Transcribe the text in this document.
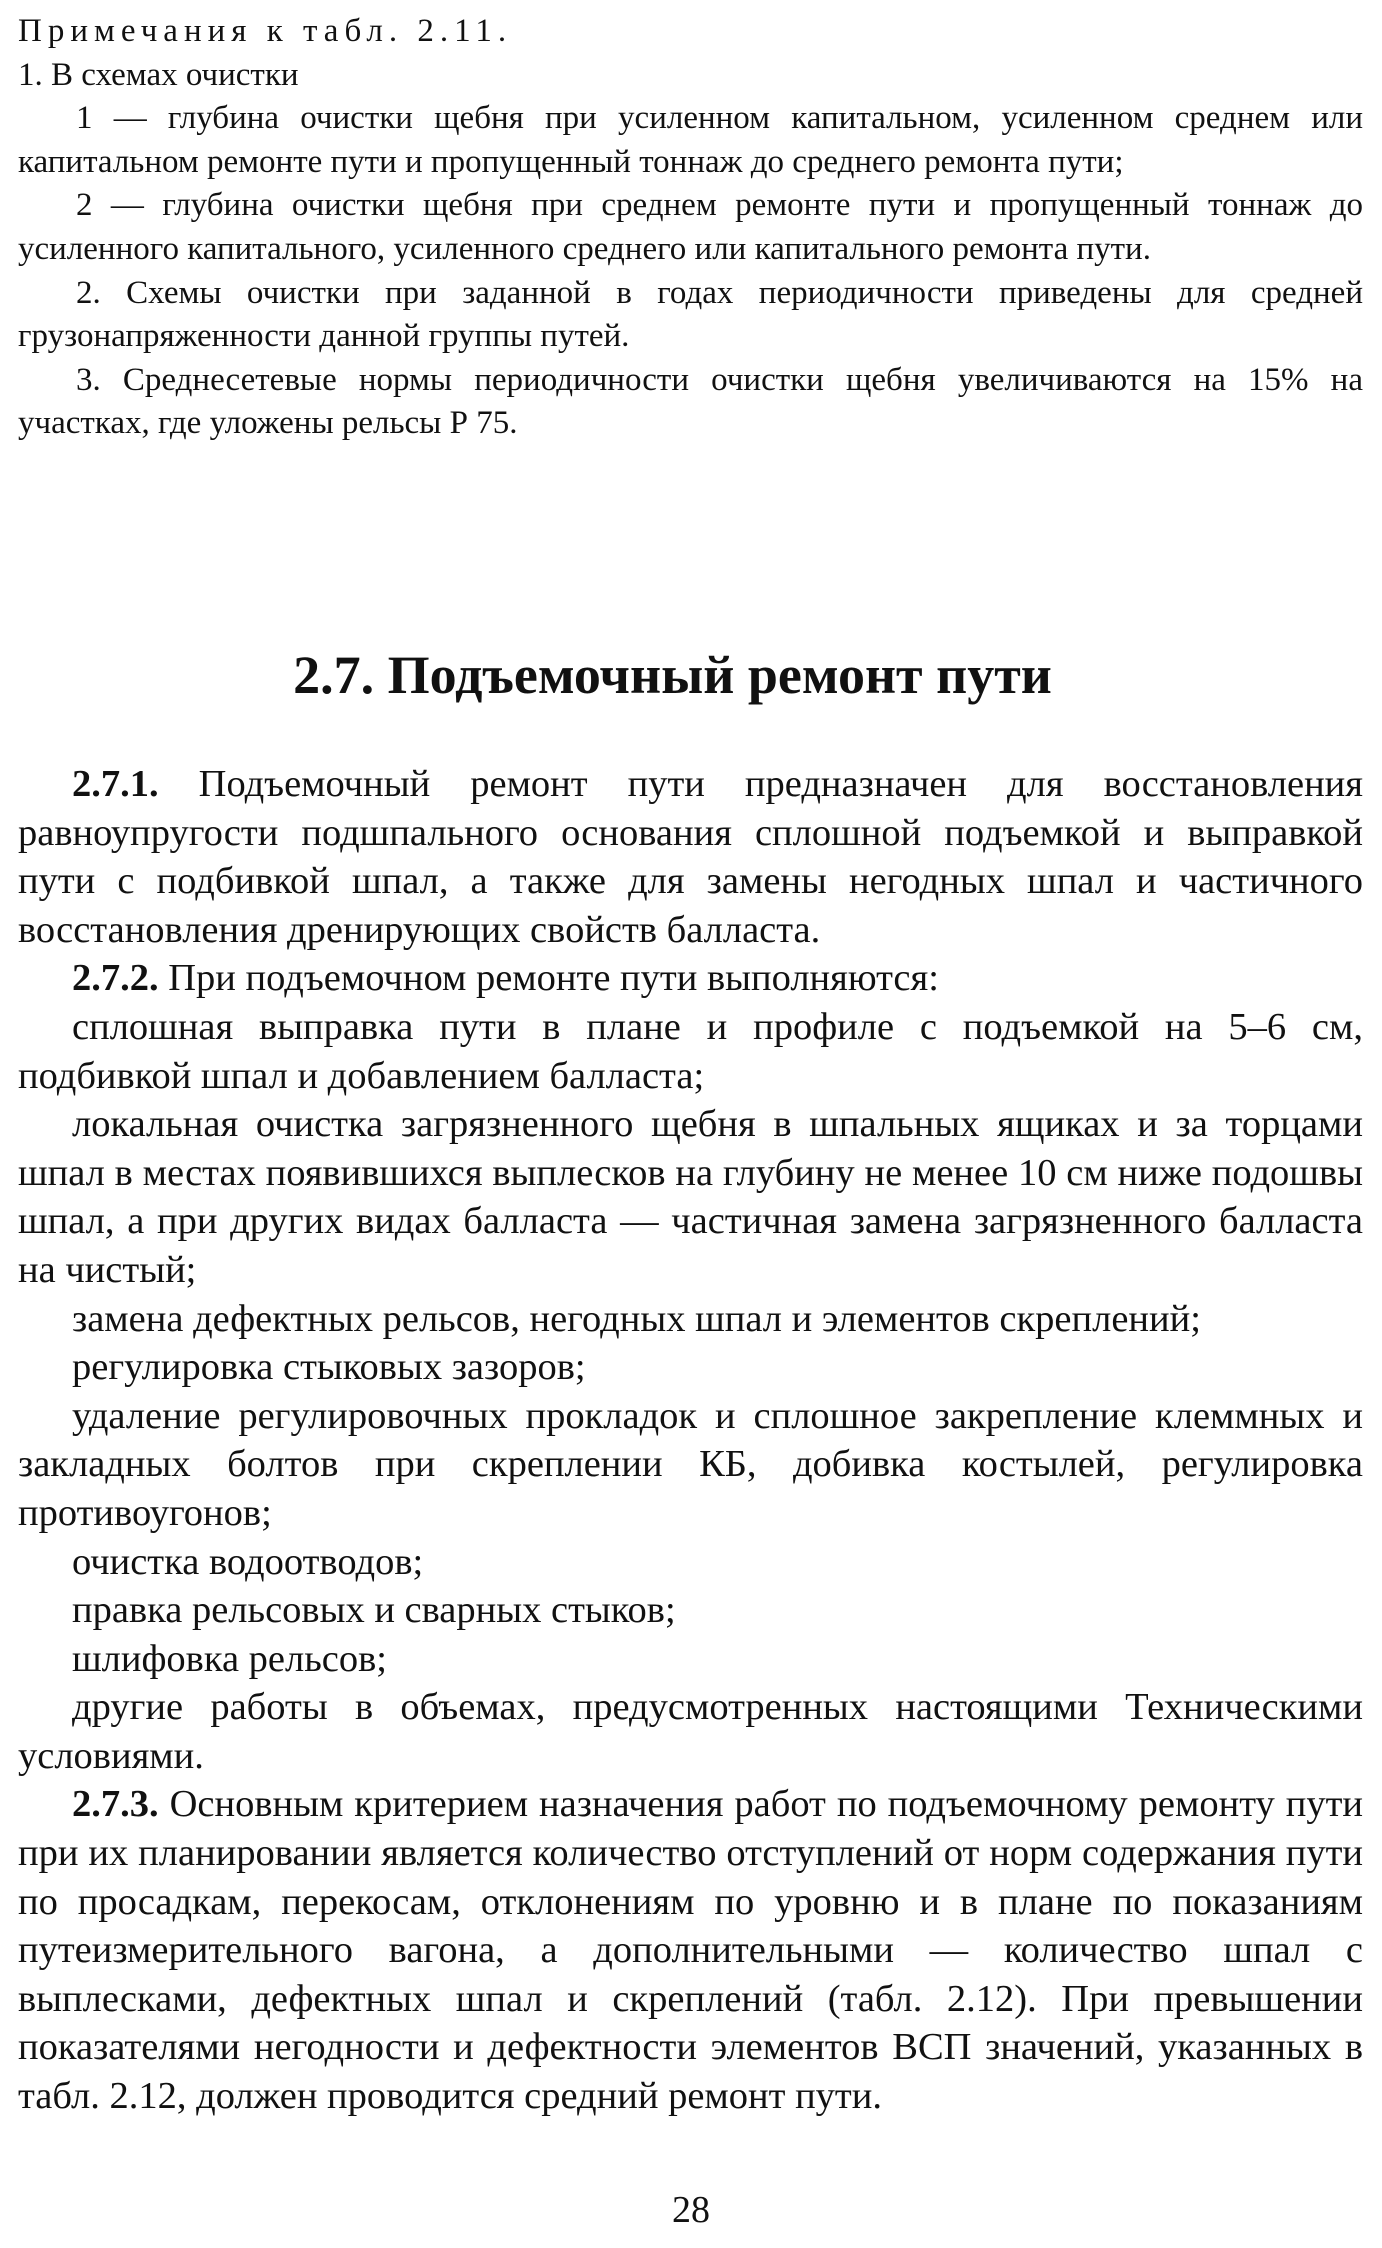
Примечания к табл. 2.11.

1. В схемах очистки

1 — глубина очистки щебня при усиленном капитальном, усиленном среднем или капитальном ремонте пути и пропущенный тоннаж до среднего ремонта пути;

2 — глубина очистки щебня при среднем ремонте пути и пропущенный тоннаж до усиленного капитального, усиленного среднего или капитального ремонта пути.

2. Схемы очистки при заданной в годах периодичности приведены для средней грузонапряженности данной группы путей.

3. Среднесетевые нормы периодичности очистки щебня увеличиваются на 15% на участках, где уложены рельсы Р 75.

2.7. Подъемочный ремонт пути

2.7.1. Подъемочный ремонт пути предназначен для восстановления равноупругости подшпального основания сплошной подъемкой и выправкой пути с подбивкой шпал, а также для замены негодных шпал и частичного восстановления дренирующих свойств балласта.

2.7.2. При подъемочном ремонте пути выполняются:

сплошная выправка пути в плане и профиле с подъемкой на 5–6 см, подбивкой шпал и добавлением балласта;

локальная очистка загрязненного щебня в шпальных ящиках и за торцами шпал в местах появившихся выплесков на глубину не менее 10 см ниже подошвы шпал, а при других видах балласта — частичная замена загрязненного балласта на чистый;

замена дефектных рельсов, негодных шпал и элементов скреплений;

регулировка стыковых зазоров;

удаление регулировочных прокладок и сплошное закрепление клеммных и закладных болтов при скреплении КБ, добивка костылей, регулировка противоугонов;

очистка водоотводов;

правка рельсовых и сварных стыков;

шлифовка рельсов;

другие работы в объемах, предусмотренных настоящими Техническими условиями.

2.7.3. Основным критерием назначения работ по подъемочному ремонту пути при их планировании является количество отступлений от норм содержания пути по просадкам, перекосам, отклонениям по уровню и в плане по показаниям путеизмерительного вагона, а дополнительными — количество шпал с выплесками, дефектных шпал и скреплений (табл. 2.12). При превышении показателями негодности и дефектности элементов ВСП значений, указанных в табл. 2.12, должен проводится средний ремонт пути.

28
